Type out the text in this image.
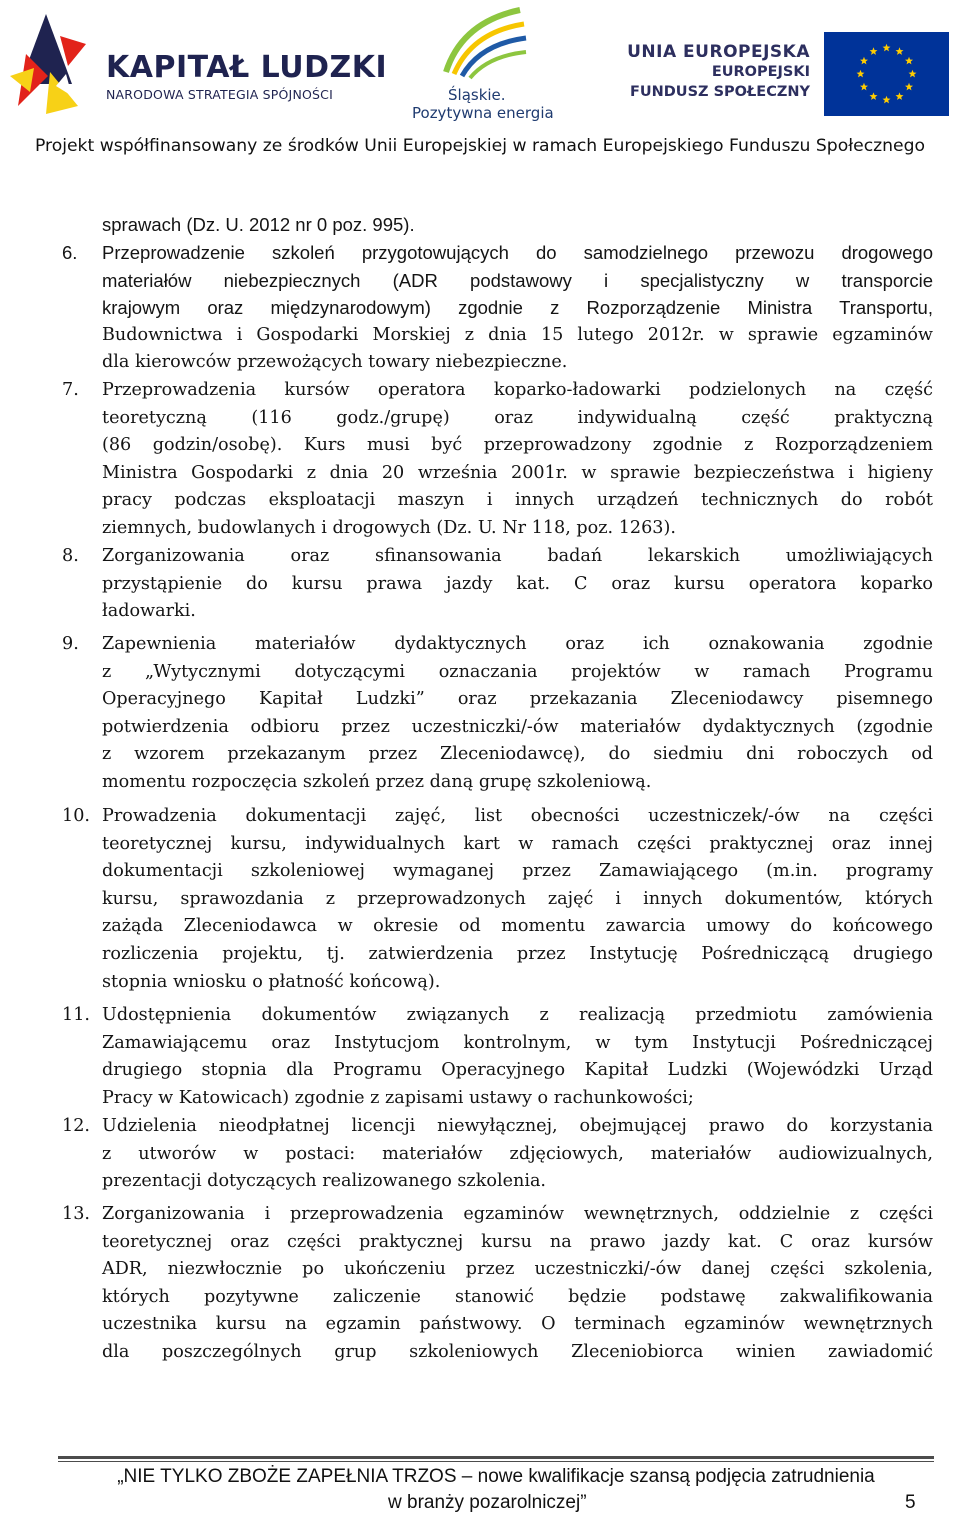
KAPITAŁ LUDZKI
NARODOWA STRATEGIA SPÓJNOŚCI	Śląskie.
Pozytywna energia
UNIA EUROPEJSKA
EUROPEJSKI
FUNDUSZ SPOŁECZNY
Projekt współfinansowany ze środków Unii Europejskiej w ramach Europejskiego Funduszu Społecznego
sprawach (Dz. U. 2012 nr 0 poz. 995).
6. Przeprowadzenie szkoleń przygotowujących do samodzielnego przewozu drogowego
materiałów niebezpiecznych (ADR podstawowy i specjalistyczny w transporcie
krajowym oraz międzynarodowym) zgodnie z Rozporządzenie Ministra Transportu,
Budownictwa i Gospodarki Morskiej z dnia 15 lutego 2012r. w sprawie egzaminów
dla kierowców przewożących towary niebezpieczne.
7. Przeprowadzenia kursów operatora koparko-ładowarki podzielonych na część
teoretyczną (116 godz./grupę) oraz indywidualną część praktyczną
(86 godzin/osobę). Kurs musi być przeprowadzony zgodnie z Rozporządzeniem
Ministra Gospodarki z dnia 20 września 2001r. w sprawie bezpieczeństwa i higieny
pracy podczas eksploatacji maszyn i innych urządzeń technicznych do robót
ziemnych, budowlanych i drogowych (Dz. U. Nr 118, poz. 1263).
8. Zorganizowania oraz sfinansowania badań lekarskich umożliwiających
przystąpienie do kursu prawa jazdy kat. C oraz kursu operatora koparko
ładowarki.
9. Zapewnienia materiałów dydaktycznych oraz ich oznakowania zgodnie
z „Wytycznymi dotyczącymi oznaczania projektów w ramach Programu
Operacyjnego Kapitał Ludzki” oraz przekazania Zleceniodawcy pisemnego
potwierdzenia odbioru przez uczestniczki/-ów materiałów dydaktycznych (zgodnie
z wzorem przekazanym przez Zleceniodawcę), do siedmiu dni roboczych od
momentu rozpoczęcia szkoleń przez daną grupę szkoleniową.
10. Prowadzenia dokumentacji zajęć, list obecności uczestniczek/-ów na części
teoretycznej kursu, indywidualnych kart w ramach części praktycznej oraz innej
dokumentacji szkoleniowej wymaganej przez Zamawiającego (m.in. programy
kursu, sprawozdania z przeprowadzonych zajęć i innych dokumentów, których
zażąda Zleceniodawca w okresie od momentu zawarcia umowy do końcowego
rozliczenia projektu, tj. zatwierdzenia przez Instytucję Pośredniczącą drugiego
stopnia wniosku o płatność końcową).
11. Udostępnienia dokumentów związanych z realizacją przedmiotu zamówienia
Zamawiającemu oraz Instytucjom kontrolnym, w tym Instytucji Pośredniczącej
drugiego stopnia dla Programu Operacyjnego Kapitał Ludzki (Wojewódzki Urząd
Pracy w Katowicach) zgodnie z zapisami ustawy o rachunkowości;
12. Udzielenia nieodpłatnej licencji niewyłącznej, obejmującej prawo do korzystania
z utworów w postaci: materiałów zdjęciowych, materiałów audiowizualnych,
prezentacji dotyczących realizowanego szkolenia.
13. Zorganizowania i przeprowadzenia egzaminów wewnętrznych, oddzielnie z części
teoretycznej oraz części praktycznej kursu na prawo jazdy kat. C oraz kursów
ADR, niezwłocznie po ukończeniu przez uczestniczki/-ów danej części szkolenia,
których pozytywne zaliczenie stanowić będzie podstawę zakwalifikowania
uczestnika kursu na egzamin państwowy. O terminach egzaminów wewnętrznych
dla poszczególnych grup szkoleniowych Zleceniobiorca winien zawiadomić
„NIE TYLKO ZBOŻE ZAPEŁNIA TRZOS – nowe kwalifikacje szansą podjęcia zatrudnienia
w branży pozarolniczej”	5
